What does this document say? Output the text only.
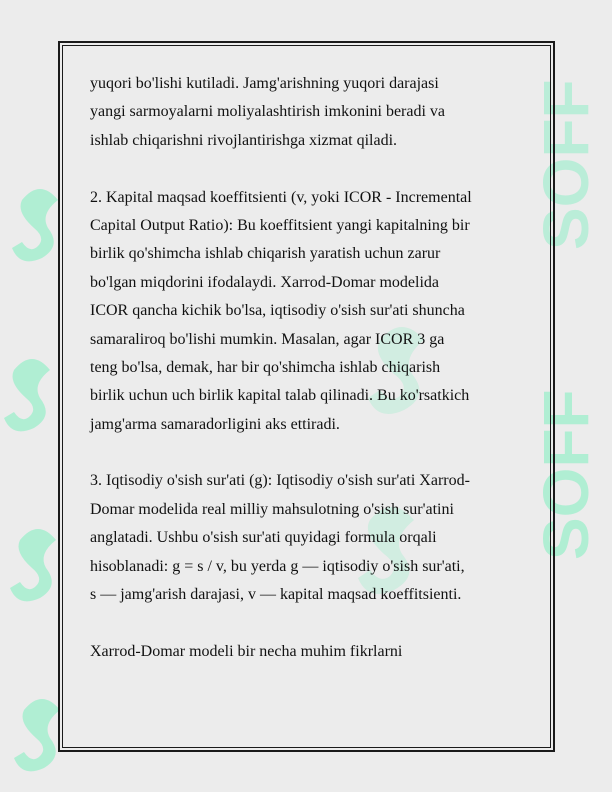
SOFF
SOFF
yuqori bo'lishi kutiladi. Jamg'arishning yuqori darajasi
yangi sarmoyalarni moliyalashtirish imkonini beradi va
ishlab chiqarishni rivojlantirishga xizmat qiladi.
2. Kapital maqsad koeffitsienti (v, yoki ICOR - Incremental
Capital Output Ratio): Bu koeffitsient yangi kapitalning bir
birlik qo'shimcha ishlab chiqarish yaratish uchun zarur
bo'lgan miqdorini ifodalaydi. Xarrod-Domar modelida
ICOR qancha kichik bo'lsa, iqtisodiy o'sish sur'ati shuncha
samaraliroq bo'lishi mumkin. Masalan, agar ICOR 3 ga
teng bo'lsa, demak, har bir qo'shimcha ishlab chiqarish
birlik uchun uch birlik kapital talab qilinadi. Bu ko'rsatkich
jamg'arma samaradorligini aks ettiradi.
3. Iqtisodiy o'sish sur'ati (g): Iqtisodiy o'sish sur'ati Xarrod-
Domar modelida real milliy mahsulotning o'sish sur'atini
anglatadi. Ushbu o'sish sur'ati quyidagi formula orqali
hisoblanadi: g = s / v, bu yerda g — iqtisodiy o'sish sur'ati,
s — jamg'arish darajasi, v — kapital maqsad koeffitsienti.
Xarrod-Domar modeli bir necha muhim fikrlarni
